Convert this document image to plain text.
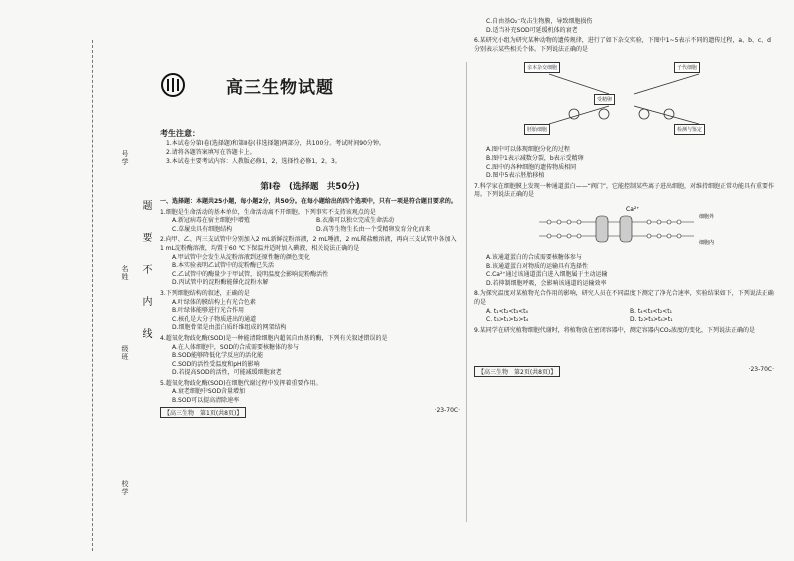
号学
名姓
级班
校学
题要不内线
高三生物试题
考生注意：
1.本试卷分第Ⅰ卷(选择题)和第Ⅱ卷(非选择题)两部分，共100分。考试时间90分钟。
2.请将各题答案填写在答题卡上。
3.本试卷主要考试内容：人教版必修1，2，选择性必修1，2，3。
第Ⅰ卷　(选择题　共50分)
一、选择题：本题共25小题，每小题2分，共50分。在每小题给出的四个选项中，只有一项是符合题目要求的。
1.细胞是生命活动的基本单位，生命活动离不开细胞。下列事实不支持该观点的是
A.新冠病毒在宿主细胞中增殖	B.衣藻可以独立完成生命活动
C.草履虫具有细胞结构	D.高等生物生长由一个受精卵发育分化而来
2.向甲、乙、丙三支试管中分别加入2 mL新鲜淀粉溶液，2 mL唾液，2 mL稀盐酸溶液，再向三支试管中各加入1 mL淀粉酶溶液，均置于60 ℃下保温并适时加入碘液，相关说法正确的是
A.甲试管中会发生从淀粉溶液到还原性糖的颜色变化
B.本实验表明乙试管中的淀粉酶已失活
C.乙试管中的酶量少于甲试管，说明温度会影响淀粉酶活性
D.丙试管中的淀粉酶能催化淀粉水解
3.下列细胞结构的叙述，正确的是
A.叶绿体的膜结构上有光合色素
B.叶绿体能够进行光合作用
C.核孔是大分子物质进出的通道
D.细胞骨架是由蛋白质纤维组成的网架结构
4.超氧化物歧化酶(SOD)是一种能清除细胞内超氧自由基的酶，下列有关叙述错误的是
A.在人体细胞中，SOD的合成需要核糖体的参与
B.SOD能够降低化学反应的活化能
C.SOD的活性受温度和pH的影响
D.若提高SOD的活性，可能减缓细胞衰老
5.超氧化物歧化酶(SOD)在细胞代谢过程中发挥着重要作用。
A.衰老细胞中SOD含量增加
B.SOD可以提高清除速率
【高三生物　第1页(共8页)】	·23-70C·
C.自由基O₂⁻攻击生物膜，导致细胞损伤
D.适当补充SOD可延缓机体的衰老
6.某研究小组为研究某种动物的遗传规律，进行了如下杂交实验，下图中1~5表示不同的遗传过程，a、b、c、d分别表示某些相关个体。下列说法正确的是
亲本杂交细胞	子代细胞
受精卵
胚胎细胞	检测与鉴定
A.图中可以体现细胞分化的过程
B.图中1表示减数分裂，b表示受精卵
C.图中的各种细胞的遗传物质相同
D.图中5表示胚胎移植
7.科学家在细胞膜上发现一种通道蛋白——“阀门”，它能控制某些离子进出细胞，对维持细胞正常功能具有重要作用。下列说法正确的是
Ca²⁺
细胞外
细胞内
A.该通道蛋白的合成需要核糖体参与
B.该通道蛋白对物质的运输具有选择性
C.Ca²⁺通过该通道蛋白进入细胞属于主动运输
D.若抑制细胞呼吸，会影响该通道的运输效率
8.为探究温度对某植物光合作用的影响，研究人员在不同温度下测定了净光合速率，实验结果如下，下列说法正确的是
A. t₁<t₂<t₃<t₄	B. t₄<t₃<t₂<t₁
C. t₃>t₁>t₂>t₄	D. t₂>t₃>t₄>t₁
9.某同学在研究植物细胞代谢时，将植物放在密闭容器中，测定容器内CO₂浓度的变化，下列说法正确的是
【高三生物　第2页(共8页)】	·23-70C·
